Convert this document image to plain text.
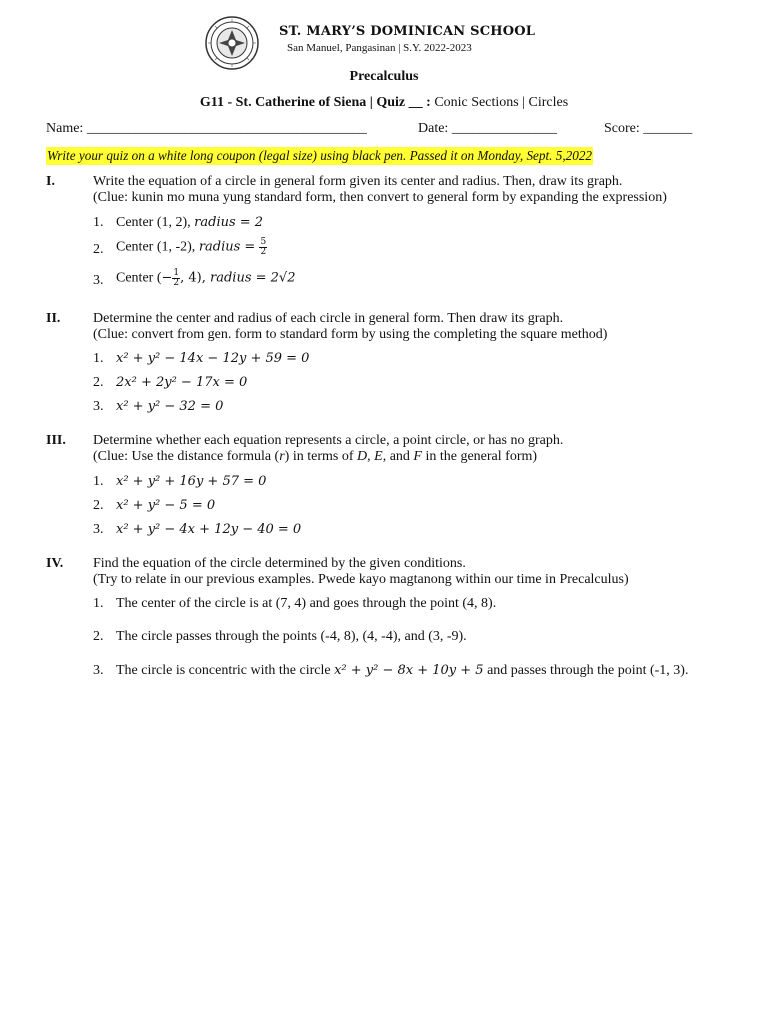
ST. MARY’S DOMINICAN SCHOOL
San Manuel, Pangasinan | S.Y. 2022-2023
Precalculus
G11 - St. Catherine of Siena | Quiz __ : Conic Sections | Circles
Name: ________________________________________	Date: _______________	Score: _______
Write your quiz on a white long coupon (legal size) using black pen. Passed it on Monday, Sept. 5,2022
I.	Write the equation of a circle in general form given its center and radius. Then, draw its graph.
(Clue: kunin mo muna yung standard form, then convert to general form by expanding the expression)
1. Center (1, 2), radius = 2
2. Center (1, -2), radius = $\frac{5}{2}$
3. Center (− $\frac{1}{2}$ , 4), radius = 2√2
II. Determine the center and radius of each circle in general form. Then draw its graph.
(Clue: convert from gen. form to standard form by using the completing the square method)
1. x² + y² − 14x − 12y + 59 = 0
2. 2x² + 2y² − 17x = 0
3. x² + y² − 32 = 0
III. Determine whether each equation represents a circle, a point circle, or has no graph.
(Clue: Use the distance formula (r) in terms of D, E, and F in the general form)
1. x² + y² + 16y + 57 = 0
2. x² + y² − 5 = 0
3. x² + y² − 4x + 12y − 40 = 0
IV. Find the equation of the circle determined by the given conditions.
(Try to relate in our previous examples. Pwede kayo magtanong within our time in Precalculus)
1. The center of the circle is at (7, 4) and goes through the point (4, 8).
2. The circle passes through the points (-4, 8), (4, -4), and (3, -9).
3. The circle is concentric with the circle x² + y² − 8x + 10y + 5 and passes through the point (-1, 3).
